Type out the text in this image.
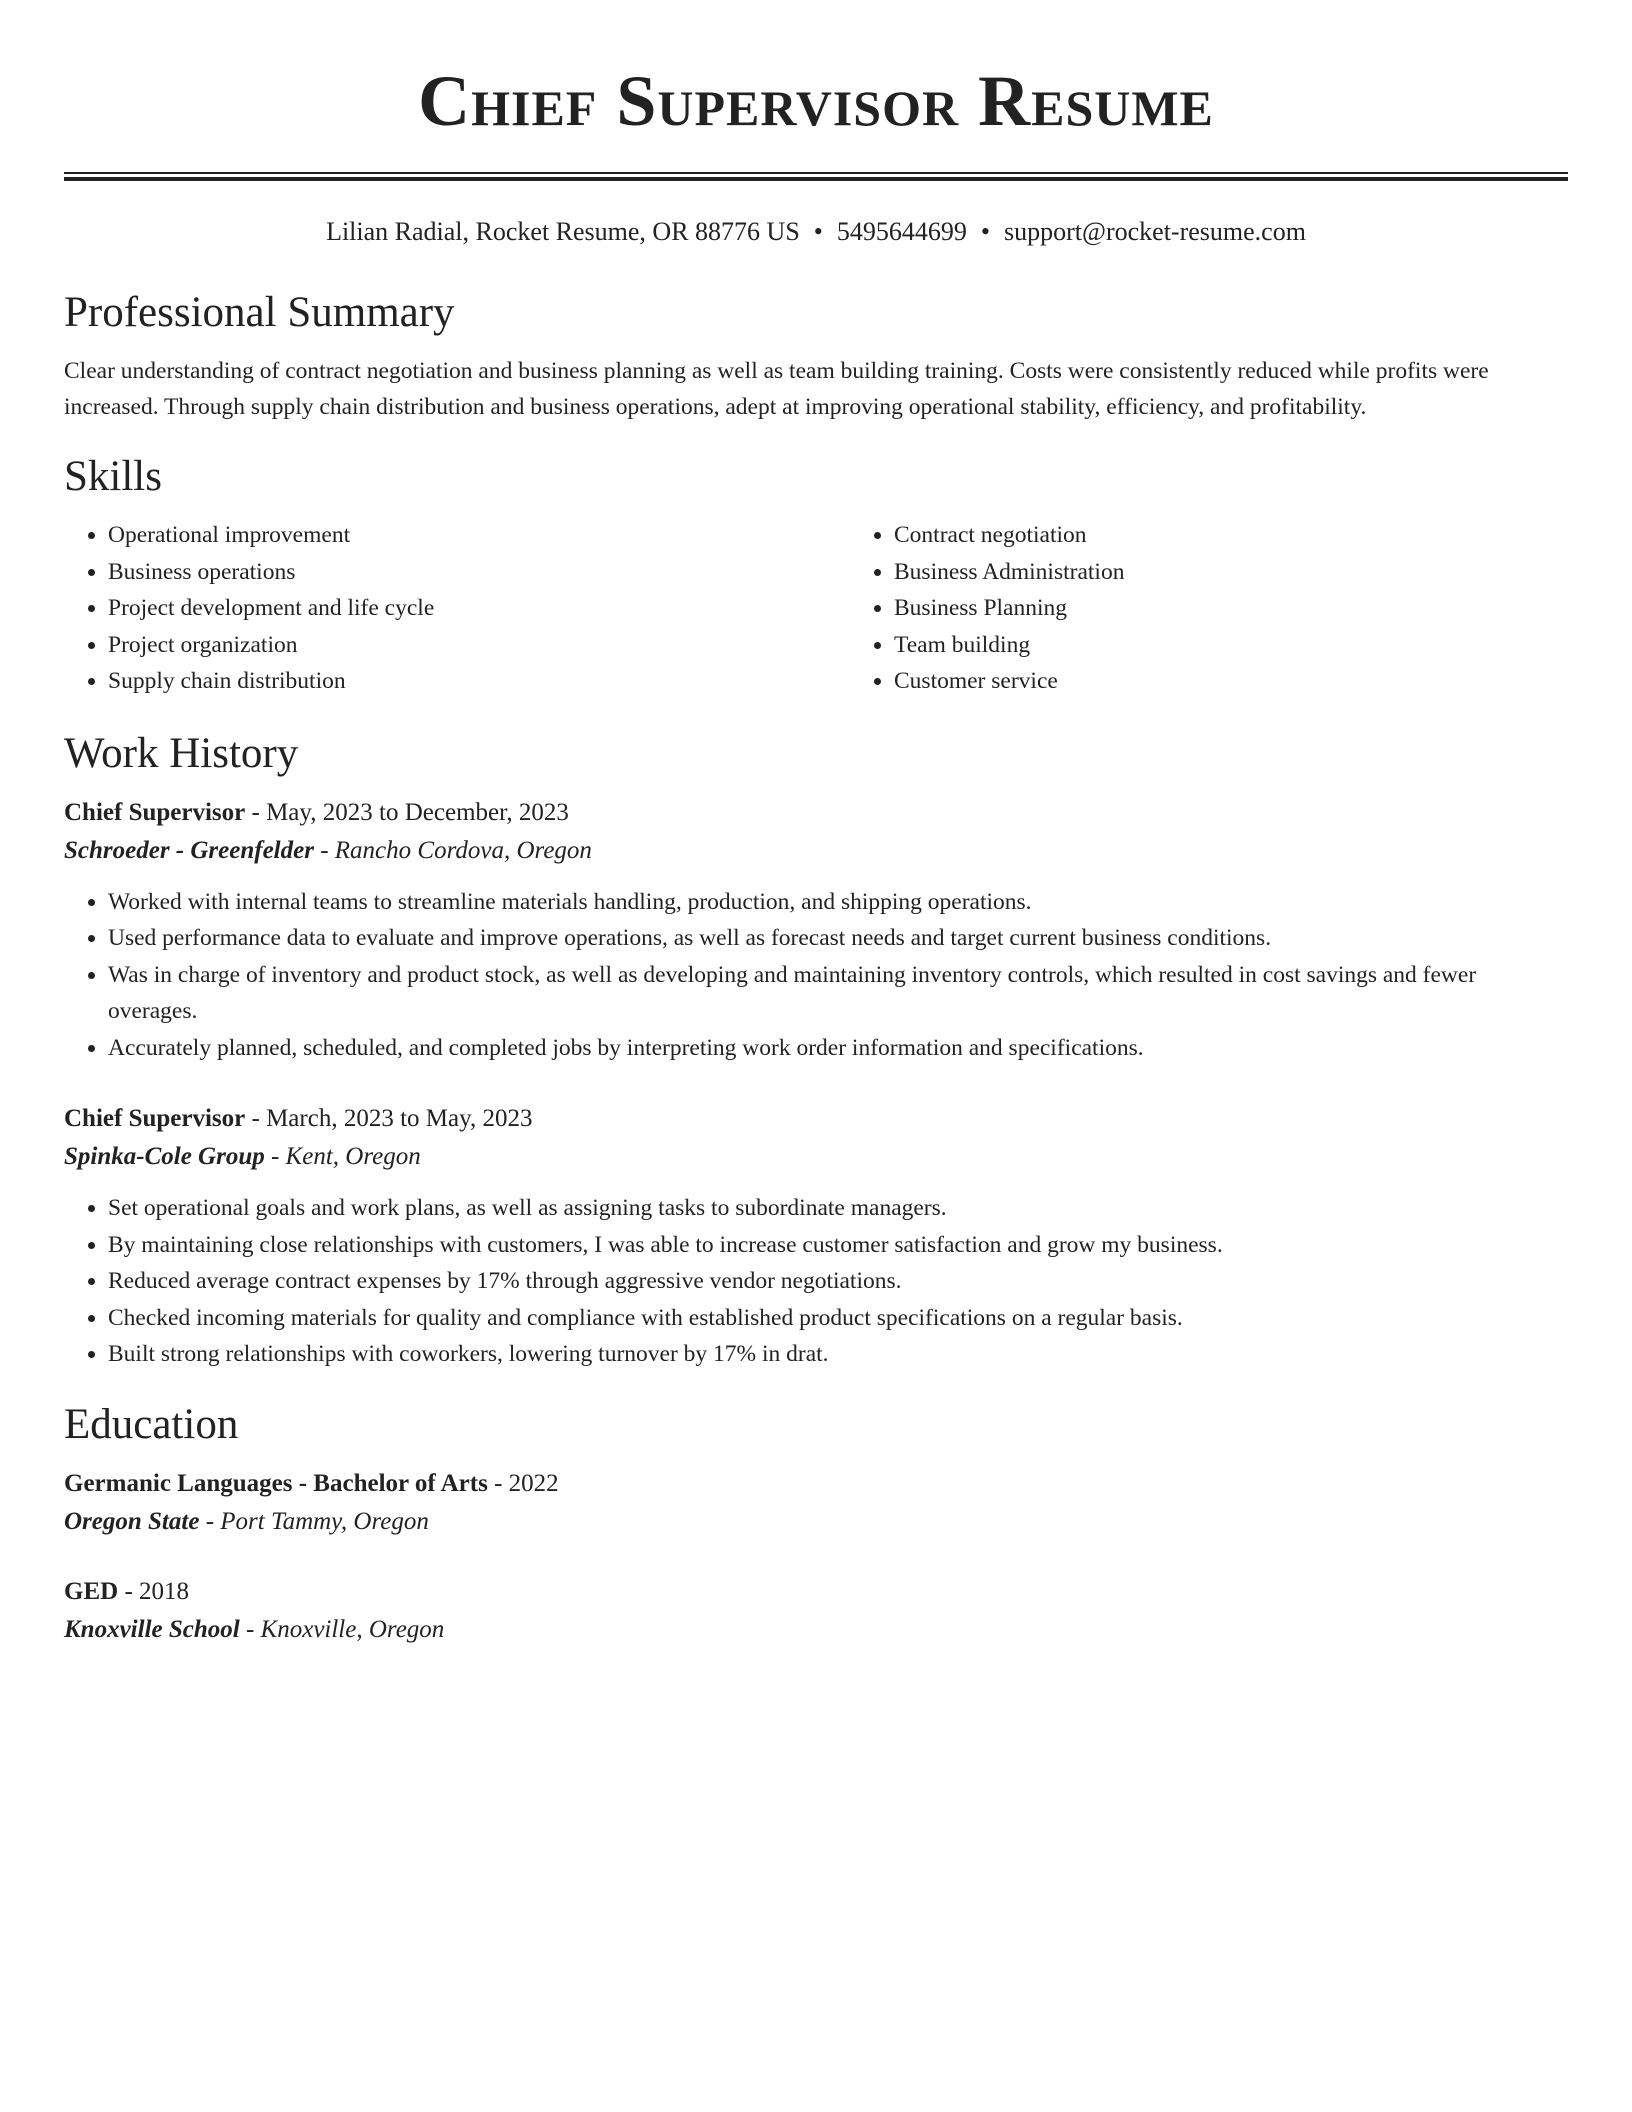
Chief Supervisor Resume
Lilian Radial, Rocket Resume, OR 88776 US • 5495644699 • support@rocket-resume.com
Professional Summary

Clear understanding of contract negotiation and business planning as well as team building training. Costs were consistently reduced while profits were increased. Through supply chain distribution and business operations, adept at improving operational stability, efficiency, and profitability.

Skills
• Operational improvement
• Business operations
• Project development and life cycle
• Project organization
• Supply chain distribution
• Contract negotiation
• Business Administration
• Business Planning
• Team building
• Customer service
Work History
Chief Supervisor - May, 2023 to December, 2023
Schroeder - Greenfelder - Rancho Cordova, Oregon
• Worked with internal teams to streamline materials handling, production, and shipping operations.
• Used performance data to evaluate and improve operations, as well as forecast needs and target current business conditions.
• Was in charge of inventory and product stock, as well as developing and maintaining inventory controls, which resulted in cost savings and fewer overages.
• Accurately planned, scheduled, and completed jobs by interpreting work order information and specifications.
Chief Supervisor - March, 2023 to May, 2023
Spinka-Cole Group - Kent, Oregon
• Set operational goals and work plans, as well as assigning tasks to subordinate managers.
• By maintaining close relationships with customers, I was able to increase customer satisfaction and grow my business.
• Reduced average contract expenses by 17% through aggressive vendor negotiations.
• Checked incoming materials for quality and compliance with established product specifications on a regular basis.
• Built strong relationships with coworkers, lowering turnover by 17% in drat.
Education
Germanic Languages - Bachelor of Arts - 2022
Oregon State - Port Tammy, Oregon
GED - 2018
Knoxville School - Knoxville, Oregon
